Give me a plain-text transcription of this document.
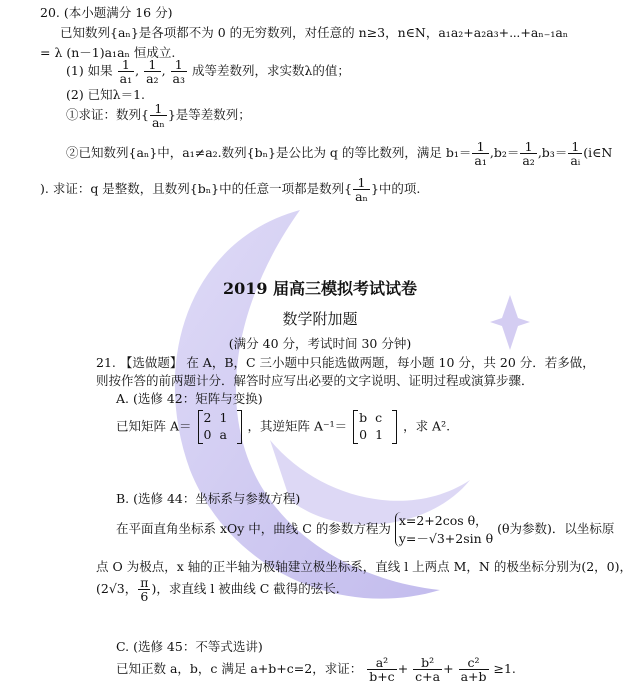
20. (本小题满分 16 分)
已知数列{aₙ}是各项都不为 0 的无穷数列，对任意的 n≥3，n∈N，a₁a₂+a₂a₃+⋯+aₙ₋₁aₙ
= λ (n－1)a₁aₙ 恒成立.
(1) 如果 $\frac{1}{\text{a₁}}$ , $\frac{1}{\text{a₂}}$ , $\frac{1}{\text{a₃}}$ 成等差数列，求实数λ的值；
(2) 已知λ＝1.
①求证：数列{ $\frac{1}{\text{aₙ}}$ }是等差数列；
②已知数列{aₙ}中，a₁≠a₂.数列{bₙ}是公比为 q 的等比数列，满足 $b_1= \frac{1}{\text{a₁}} ,b_2= \frac{1}{\text{a₂}} ,b_3= \frac{1}{\text{aᵢ}}$ (i∈N
). 求证：q 是整数，且数列{bₙ}中的任意一项都是数列{ $\frac{1}{\text{aₙ}}$ }中的项.
2019 届高三模拟考试试卷
数学附加题
(满分 40 分，考试时间 30 分钟)
21. 【选做题】 在 A，B，C 三小题中只能选做两题，每小题 10 分，共 20 分．若多做，
则按作答的前两题计分．解答时应写出必要的文字说明、证明过程或演算步骤．
A. (选修 42：矩阵与变换)
已知矩阵 A＝
2 1
0 a
，其逆矩阵 A⁻¹＝
b c
0 1
，求 A².
B. (选修 44：坐标系与参数方程)
在平面直角坐标系 xOy 中，曲线 C 的参数方程为
x=2+2cos θ，
y=－√3+2sin θ
(θ为参数)．以坐标原
点 O 为极点，x 轴的正半轴为极轴建立极坐标系，直线 l 上两点 M，N 的极坐标分别为(2，0)，
(2√3， $\frac{\pi}{6}$ )，求直线 l 被曲线 C 截得的弦长.
C. (选修 45：不等式选讲)
已知正数 a，b，c 满足 a+b+c=2，求证： $\frac{\text{a²}}{b+c} + \frac{\text{b²}}{c+a} + \frac{\text{c²}}{a+b} \ge 1$.
